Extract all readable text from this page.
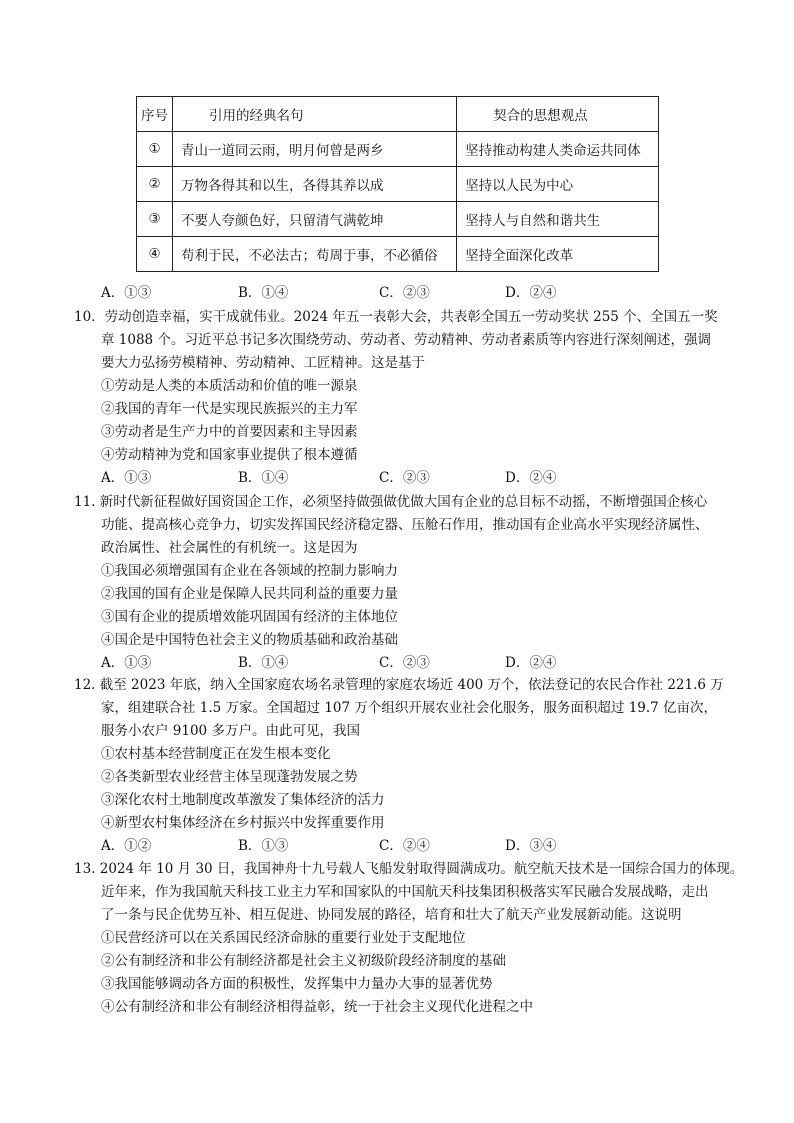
序号	引用的经典名句	契合的思想观点
①	青山一道同云雨，明月何曾是两乡	坚持推动构建人类命运共同体
②	万物各得其和以生，各得其养以成	坚持以人民为中心
③	不要人夸颜色好，只留清气满乾坤	坚持人与自然和谐共生
④	苟利于民，不必法古；苟周于事，不必循俗	坚持全面深化改革
A．①③	B．①④	C．②③	D．②④
10．劳动创造幸福，实干成就伟业。2024 年五一表彰大会，共表彰全国五一劳动奖状 255 个、全国五一奖
章 1088 个。习近平总书记多次围绕劳动、劳动者、劳动精神、劳动者素质等内容进行深刻阐述，强调
要大力弘扬劳模精神、劳动精神、工匠精神。这是基于
①劳动是人类的本质活动和价值的唯一源泉
②我国的青年一代是实现民族振兴的主力军
③劳动者是生产力中的首要因素和主导因素
④劳动精神为党和国家事业提供了根本遵循
A．①③	B．①④	C．②③	D．②④
11. 新时代新征程做好国资国企工作，必须坚持做强做优做大国有企业的总目标不动摇，不断增强国企核心
功能、提高核心竞争力，切实发挥国民经济稳定器、压舱石作用，推动国有企业高水平实现经济属性、
政治属性、社会属性的有机统一。这是因为
①我国必须增强国有企业在各领域的控制力影响力
②我国的国有企业是保障人民共同利益的重要力量
③国有企业的提质增效能巩固国有经济的主体地位
④国企是中国特色社会主义的物质基础和政治基础
A．①③	B．①④	C．②③	D．②④
12. 截至 2023 年底，纳入全国家庭农场名录管理的家庭农场近 400 万个，依法登记的农民合作社 221.6 万
家，组建联合社 1.5 万家。全国超过 107 万个组织开展农业社会化服务，服务面积超过 19.7 亿亩次，
服务小农户 9100 多万户。由此可见，我国
①农村基本经营制度正在发生根本变化
②各类新型农业经营主体呈现蓬勃发展之势
③深化农村土地制度改革激发了集体经济的活力
④新型农村集体经济在乡村振兴中发挥重要作用
A．①②	B．①③	C．②④	D．③④
13. 2024 年 10 月 30 日，我国神舟十九号载人飞船发射取得圆满成功。航空航天技术是一国综合国力的体现。
近年来，作为我国航天科技工业主力军和国家队的中国航天科技集团积极落实军民融合发展战略，走出
了一条与民企优势互补、相互促进、协同发展的路径，培育和壮大了航天产业发展新动能。这说明
①民营经济可以在关系国民经济命脉的重要行业处于支配地位
②公有制经济和非公有制经济都是社会主义初级阶段经济制度的基础
③我国能够调动各方面的积极性，发挥集中力量办大事的显著优势
④公有制经济和非公有制经济相得益彰，统一于社会主义现代化进程之中
